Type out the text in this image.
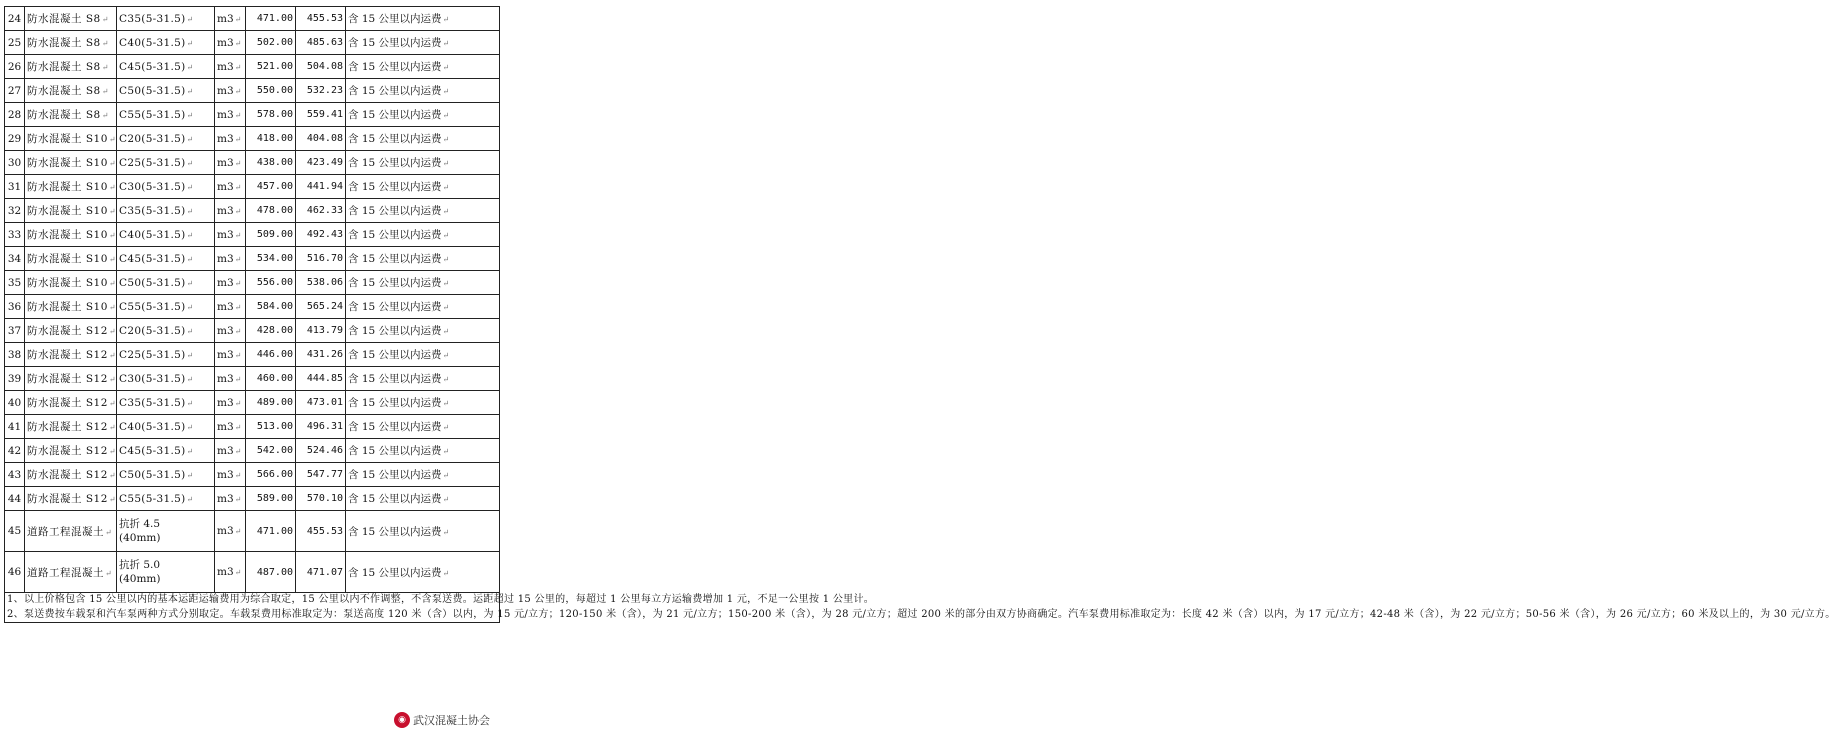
24	防水混凝土 S8↵	C35(5-31.5)↵	m3↵	471.00	455.53	含 15 公里以内运费↵
25	防水混凝土 S8↵	C40(5-31.5)↵	m3↵	502.00	485.63	含 15 公里以内运费↵
26	防水混凝土 S8↵	C45(5-31.5)↵	m3↵	521.00	504.08	含 15 公里以内运费↵
27	防水混凝土 S8↵	C50(5-31.5)↵	m3↵	550.00	532.23	含 15 公里以内运费↵
28	防水混凝土 S8↵	C55(5-31.5)↵	m3↵	578.00	559.41	含 15 公里以内运费↵
29	防水混凝土 S10↵	C20(5-31.5)↵	m3↵	418.00	404.08	含 15 公里以内运费↵
30	防水混凝土 S10↵	C25(5-31.5)↵	m3↵	438.00	423.49	含 15 公里以内运费↵
31	防水混凝土 S10↵	C30(5-31.5)↵	m3↵	457.00	441.94	含 15 公里以内运费↵
32	防水混凝土 S10↵	C35(5-31.5)↵	m3↵	478.00	462.33	含 15 公里以内运费↵
33	防水混凝土 S10↵	C40(5-31.5)↵	m3↵	509.00	492.43	含 15 公里以内运费↵
34	防水混凝土 S10↵	C45(5-31.5)↵	m3↵	534.00	516.70	含 15 公里以内运费↵
35	防水混凝土 S10↵	C50(5-31.5)↵	m3↵	556.00	538.06	含 15 公里以内运费↵
36	防水混凝土 S10↵	C55(5-31.5)↵	m3↵	584.00	565.24	含 15 公里以内运费↵
37	防水混凝土 S12↵	C20(5-31.5)↵	m3↵	428.00	413.79	含 15 公里以内运费↵
38	防水混凝土 S12↵	C25(5-31.5)↵	m3↵	446.00	431.26	含 15 公里以内运费↵
39	防水混凝土 S12↵	C30(5-31.5)↵	m3↵	460.00	444.85	含 15 公里以内运费↵
40	防水混凝土 S12↵	C35(5-31.5)↵	m3↵	489.00	473.01	含 15 公里以内运费↵
41	防水混凝土 S12↵	C40(5-31.5)↵	m3↵	513.00	496.31	含 15 公里以内运费↵
42	防水混凝土 S12↵	C45(5-31.5)↵	m3↵	542.00	524.46	含 15 公里以内运费↵
43	防水混凝土 S12↵	C50(5-31.5)↵	m3↵	566.00	547.77	含 15 公里以内运费↵
44	防水混凝土 S12↵	C55(5-31.5)↵	m3↵	589.00	570.10	含 15 公里以内运费↵
45	道路工程混凝土↵	抗折 4.5
(40mm)	m3↵	471.00	455.53	含 15 公里以内运费↵
46	道路工程混凝土↵	抗折 5.0
(40mm)	m3↵	487.00	471.07	含 15 公里以内运费↵

1、以上价格包含 15 公里以内的基本运距运输费用为综合取定，15 公里以内不作调整，不含泵送费。运距超过 15 公里的，每超过 1 公里每立方运输费增加 1 元，不足一公里按 1 公里计。

2、泵送费按车载泵和汽车泵两种方式分别取定。车载泵费用标准取定为：泵送高度 120 米（含）以内，为 15 元/立方；120-150 米（含），为 21 元/立方；150-200 米（含），为 28 元/立方；超过 200 米的部分由双方协商确定。汽车泵费用标准取定为：长度 42 米（含）以内，为 17 元/立方；42-48 米（含），为 22 元/立方；50-56 米（含），为 26 元/立方；60 米及以上的，为 30 元/立方。						

◉ 武汉混凝土协会
